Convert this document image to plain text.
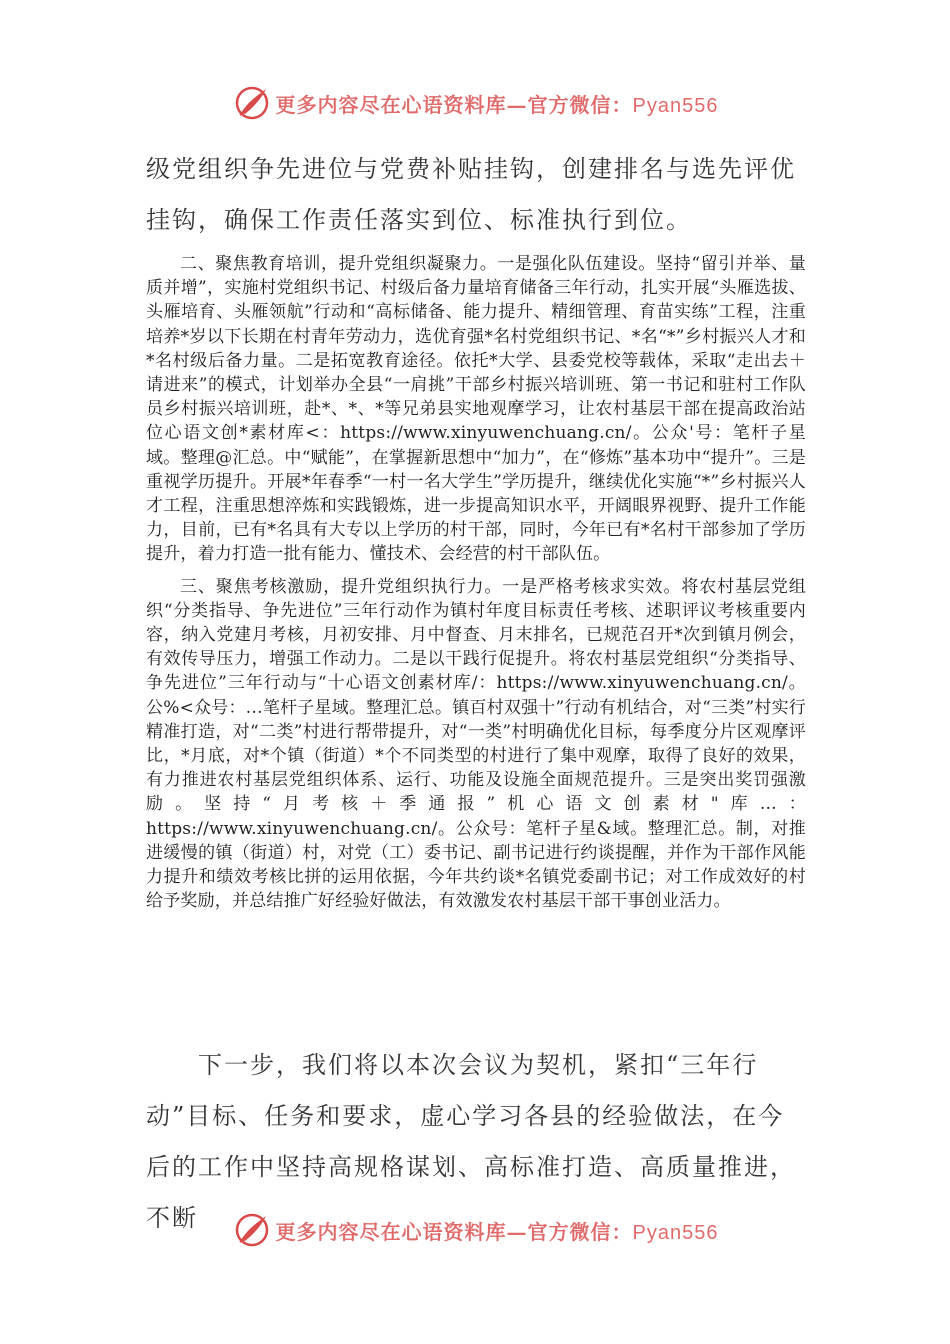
更多内容尽在心语资料库—官方微信：Pyan556

级党组织争先进位与党费补贴挂钩，创建排名与选先评优挂钩，确保工作责任落实到位、标准执行到位。

二、聚焦教育培训，提升党组织凝聚力。一是强化队伍建设。坚持“留引并举、量质并增”，实施村党组织书记、村级后备力量培育储备三年行动，扎实开展“头雁选拔、头雁培育、头雁领航”行动和“高标储备、能力提升、精细管理、育苗实练”工程，注重培养*岁以下长期在村青年劳动力，选优育强*名村党组织书记、*名“*”乡村振兴人才和*名村级后备力量。二是拓宽教育途径。依托*大学、县委党校等载体，采取“走出去＋请进来”的模式，计划举办全县“一肩挑”干部乡村振兴培训班、第一书记和驻村工作队员乡村振兴培训班，赴*、*、*等兄弟县实地观摩学习，让农村基层干部在提高政治站位心语文创*素材库<：https://www.xinyuwenchuang.cn/。公众'号：笔杆子星域。整理@汇总。中“赋能”，在掌握新思想中“加力”，在“修炼”基本功中“提升”。三是重视学历提升。开展*年春季“一村一名大学生”学历提升，继续优化实施“*”乡村振兴人才工程，注重思想淬炼和实践锻炼，进一步提高知识水平，开阔眼界视野、提升工作能力，目前，已有*名具有大专以上学历的村干部，同时，今年已有*名村干部参加了学历提升，着力打造一批有能力、懂技术、会经营的村干部队伍。

三、聚焦考核激励，提升党组织执行力。一是严格考核求实效。将农村基层党组织“分类指导、争先进位”三年行动作为镇村年度目标责任考核、述职评议考核重要内容，纳入党建月考核，月初安排、月中督查、月末排名，已规范召开*次到镇月例会，有效传导压力，增强工作动力。二是以干践行促提升。将农村基层党组织“分类指导、争先进位”三年行动与“十心语文创素材库/：https://www.xinyuwenchuang.cn/。公%<众号：…笔杆子星域。整理汇总。镇百村双强十”行动有机结合，对“三类”村实行精准打造，对“二类”村进行帮带提升，对“一类”村明确优化目标，每季度分片区观摩评比，*月底，对*个镇（街道）*个不同类型的村进行了集中观摩，取得了良好的效果，有力推进农村基层党组织体系、运行、功能及设施全面规范提升。三是突出奖罚强激励。坚持“月考核＋季通报”机心语文创素材"库…：https://www.xinyuwenchuang.cn/。公众号：笔杆子星&域。整理汇总。制，对推进缓慢的镇（街道）村，对党（工）委书记、副书记进行约谈提醒，并作为干部作风能力提升和绩效考核比拼的运用依据，今年共约谈*名镇党委副书记；对工作成效好的村给予奖励，并总结推广好经验好做法，有效激发农村基层干部干事创业活力。

　　下一步，我们将以本次会议为契机，紧扣“三年行动”目标、任务和要求，虚心学习各县的经验做法，在今后的工作中坚持高规格谋划、高标准打造、高质量推进，不断	更多内容尽在心语资料库—官方微信：Pyan556
